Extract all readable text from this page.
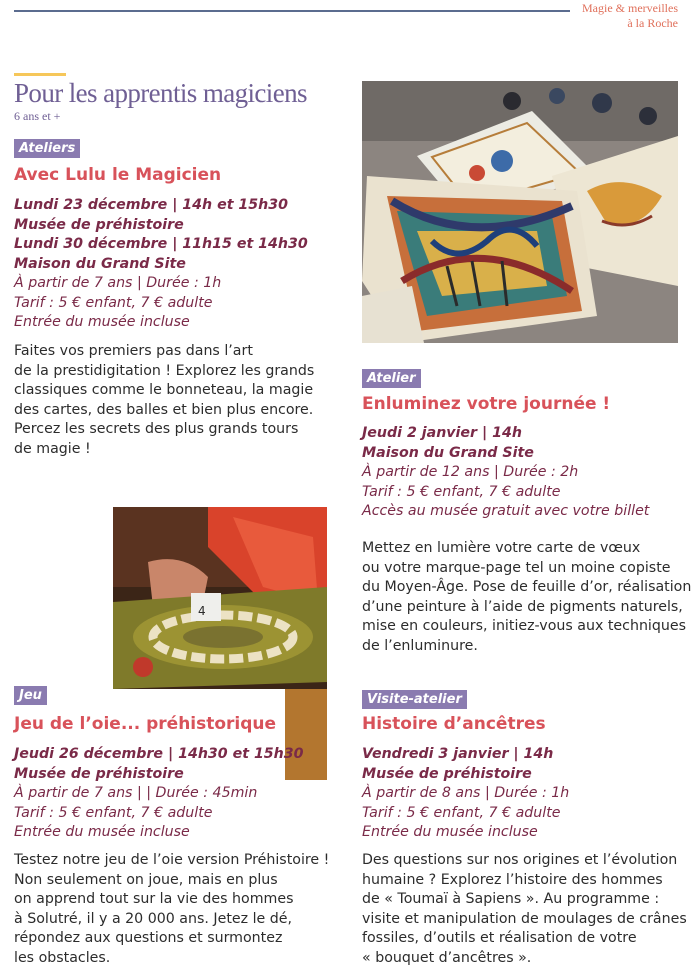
Magie & merveilles
à la Roche
Pour les apprentis magiciens
6 ans et +
4
Ateliers
Avec Lulu le Magicien
Lundi 23 décembre | 14h et 15h30
Musée de préhistoire
Lundi 30 décembre | 11h15 et 14h30
Maison du Grand Site
À partir de 7 ans | Durée : 1h
Tarif : 5 € enfant, 7 € adulte
Entrée du musée incluse
Faites vos premiers pas dans l’art
de la prestidigitation ! Explorez les grands
classiques comme le bonneteau, la magie
des cartes, des balles et bien plus encore.
Percez les secrets des plus grands tours
de magie !
Atelier
Enluminez votre journée !
Jeudi 2 janvier | 14h
Maison du Grand Site
À partir de 12 ans | Durée : 2h
Tarif : 5 € enfant, 7 € adulte
Accès au musée gratuit avec votre billet
Mettez en lumière votre carte de vœux
ou votre marque-page tel un moine copiste
du Moyen-Âge. Pose de feuille d’or, réalisation
d’une peinture à l’aide de pigments naturels,
mise en couleurs, initiez-vous aux techniques
de l’enluminure.
Jeu
Jeu de l’oie... préhistorique
Jeudi 26 décembre | 14h30 et 15h30
Musée de préhistoire
À partir de 7 ans | | Durée : 45min
Tarif : 5 € enfant, 7 € adulte
Entrée du musée incluse
Testez notre jeu de l’oie version Préhistoire !
Non seulement on joue, mais en plus
on apprend tout sur la vie des hommes
à Solutré, il y a 20 000 ans. Jetez le dé,
répondez aux questions et surmontez
les obstacles.
Visite-atelier
Histoire d’ancêtres
Vendredi 3 janvier | 14h
Musée de préhistoire
À partir de 8 ans | Durée : 1h
Tarif : 5 € enfant, 7 € adulte
Entrée du musée incluse
Des questions sur nos origines et l’évolution
humaine ? Explorez l’histoire des hommes
de « Toumaï à Sapiens ». Au programme :
visite et manipulation de moulages de crânes
fossiles, d’outils et réalisation de votre
« bouquet d’ancêtres ».
